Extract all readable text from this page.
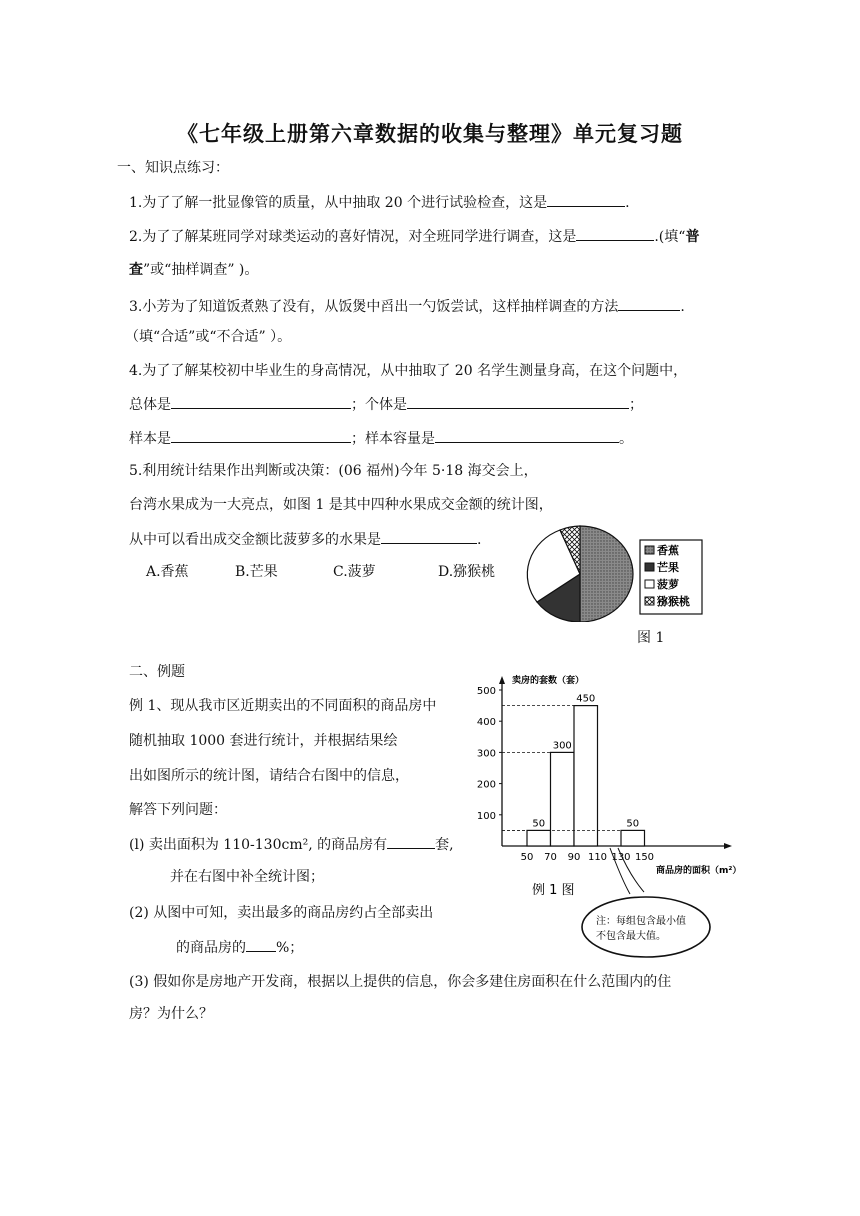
《七年级上册第六章数据的收集与整理》单元复习题
一、知识点练习：
1.为了了解一批显像管的质量，从中抽取 20 个进行试验检查，这是	.
2.为了了解某班同学对球类运动的喜好情况，对全班同学进行调查，这是	.(填“普
查”或“抽样调查” )。
3.小芳为了知道饭煮熟了没有，从饭煲中舀出一勺饭尝试，这样抽样调查的方法	.
（填“合适”或“不合适” ）。
4.为了了解某校初中毕业生的身高情况，从中抽取了 20 名学生测量身高，在这个问题中，
总体是	；个体是	；
样本是	；样本容量是	。
5.利用统计结果作出判断或决策：(06 福州)今年 5·18 海交会上，
台湾水果成为一大亮点，如图 1 是其中四种水果成交金额的统计图，
从中可以看出成交金额比菠萝多的水果是	.
A.香蕉	B.芒果	C.菠萝	D.猕猴桃
香蕉
芒果
菠萝
猕猴桃
图 1
二、例题
例 1、现从我市区近期卖出的不同面积的商品房中
随机抽取 1000 套进行统计，并根据结果绘
出如图所示的统计图，请结合右图中的信息，
解答下列问题：
(l) 卖出面积为 110-130cm², 的商品房有	套,
并在右图中补全统计图；
(2) 从图中可知，卖出最多的商品房约占全部卖出
的商品房的 %；
(3) 假如你是房地产开发商，根据以上提供的信息，你会多建住房面积在什么范围内的住
房？为什么？
100
200
300
400
500
50 70 90 110 130 150
50
300
450
50
卖房的套数（套）
商品房的面积（m²）
例 1 图
注：每组包含最小值
不包含最大值。
